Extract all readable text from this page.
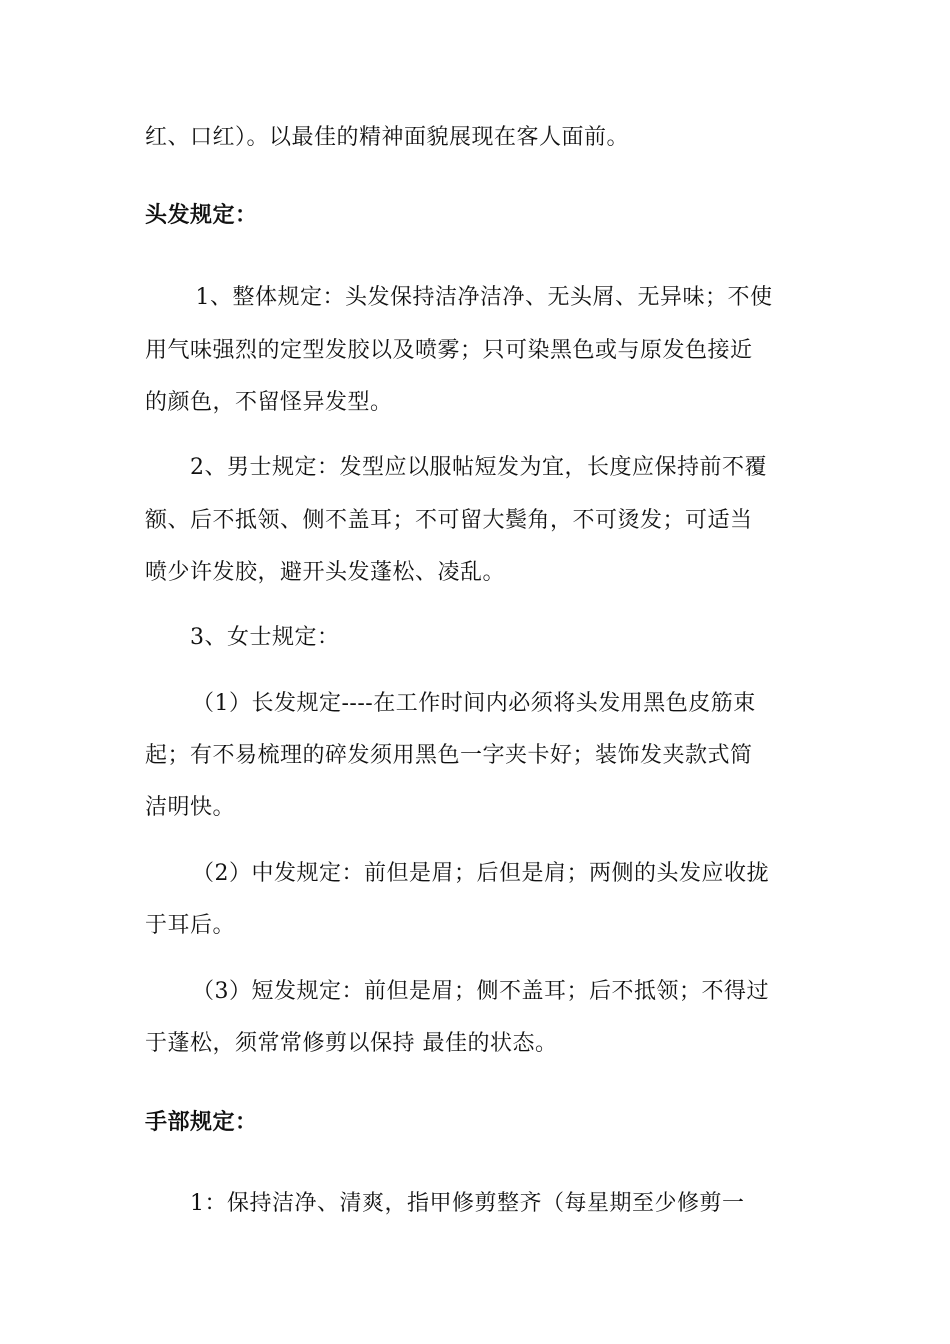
红、口红）。以最佳的精神面貌展现在客人面前。
头发规定：
1、整体规定：头发保持洁净洁净、无头屑、无异味；不使
用气味强烈的定型发胶以及喷雾；只可染黑色或与原发色接近
的颜色，不留怪异发型。
2、男士规定：发型应以服帖短发为宜，长度应保持前不覆
额、后不抵领、侧不盖耳；不可留大鬓角，不可烫发；可适当
喷少许发胶，避开头发蓬松、凌乱。
3、女士规定：
（1）长发规定----在工作时间内必须将头发用黑色皮筋束
起；有不易梳理的碎发须用黑色一字夹卡好；装饰发夹款式简
洁明快。
（2）中发规定：前但是眉；后但是肩；两侧的头发应收拢
于耳后。
（3）短发规定：前但是眉；侧不盖耳；后不抵领；不得过
于蓬松，须常常修剪以保持 最佳的状态。
手部规定：
1：保持洁净、清爽，指甲修剪整齐（每星期至少修剪一
